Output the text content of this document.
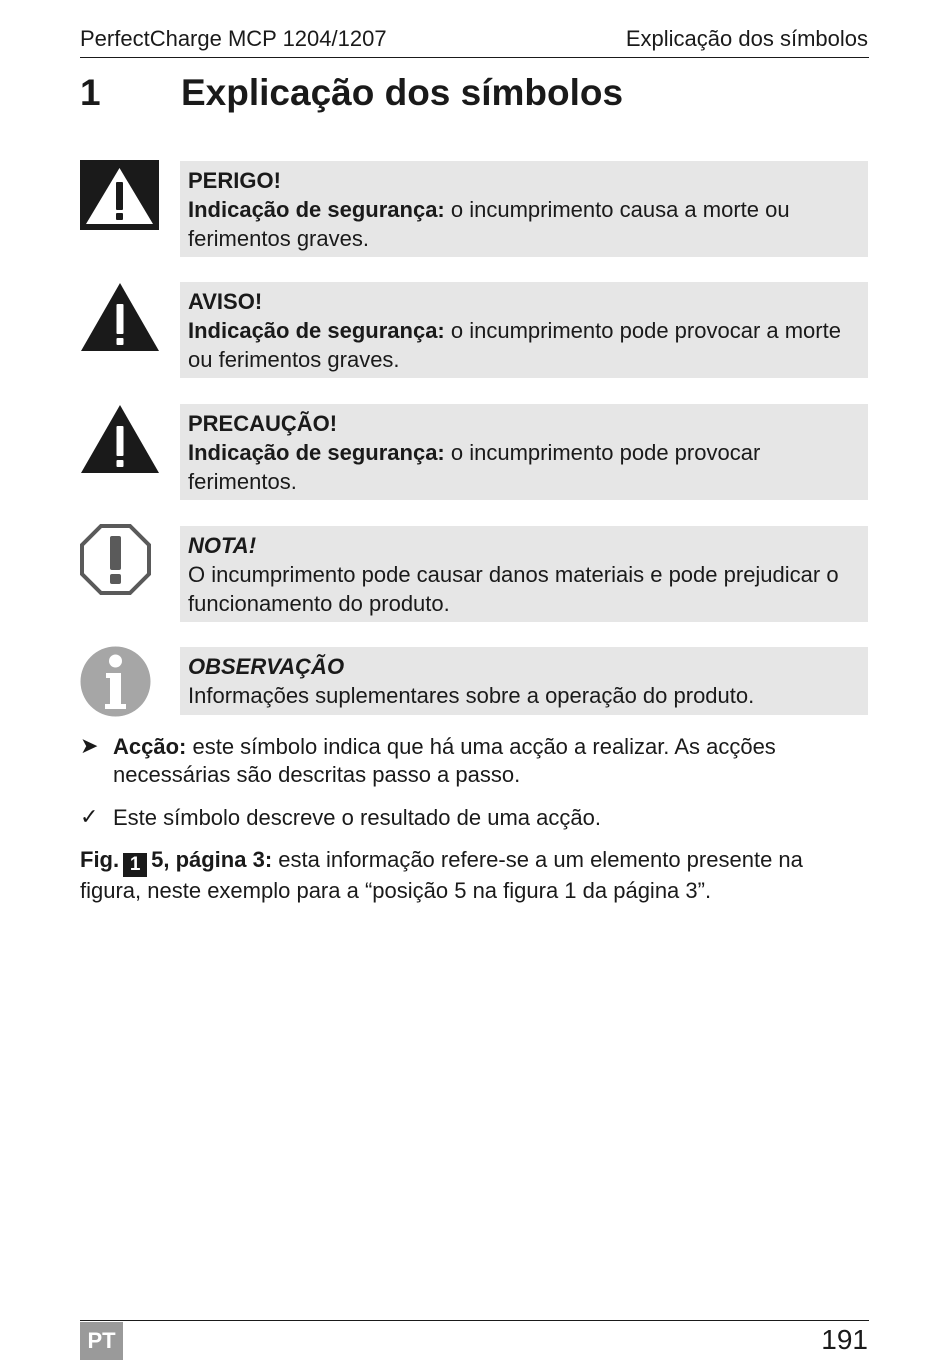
PerfectCharge MCP 1204/1207	Explicação dos símbolos
1 Explicação dos símbolos
PERIGO!
Indicação de segurança: o incumprimento causa a morte ou ferimentos graves.
AVISO!
Indicação de segurança: o incumprimento pode provocar a morte ou ferimentos graves.
PRECAUÇÃO!
Indicação de segurança: o incumprimento pode provocar ferimentos.
NOTA!
O incumprimento pode causar danos materiais e pode prejudicar o funcionamento do produto.
OBSERVAÇÃO
Informações suplementares sobre a operação do produto.
➤ Acção: este símbolo indica que há uma acção a realizar. As acções necessárias são descritas passo a passo.
✓ Este símbolo descreve o resultado de uma acção.
Fig. 1 5, página 3: esta informação refere-se a um elemento presente na figura, neste exemplo para a “posição 5 na figura 1 da página 3”.
PT	191
